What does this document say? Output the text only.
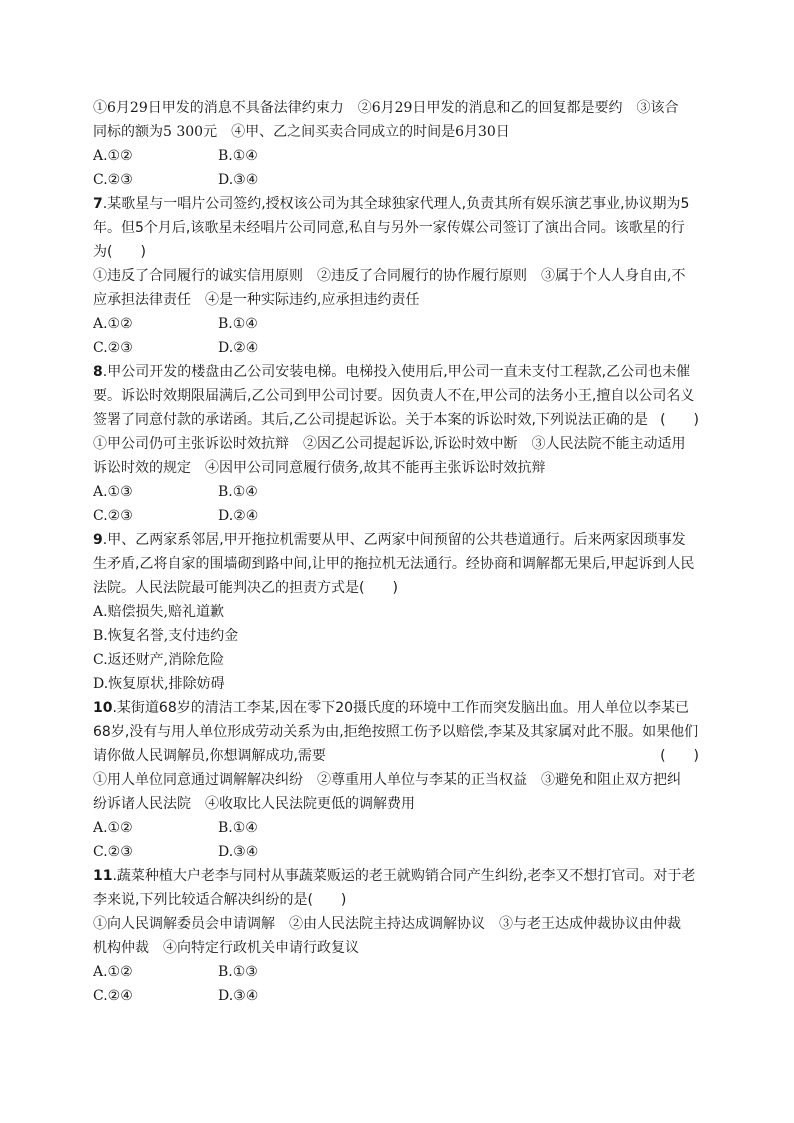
①6月29日甲发的消息不具备法律约束力　②6月29日甲发的消息和乙的回复都是要约　③该合
同标的额为5 300元　④甲、乙之间买卖合同成立的时间是6月30日
A.①②	B.①④
C.②③	D.③④
7.某歌星与一唱片公司签约,授权该公司为其全球独家代理人,负责其所有娱乐演艺事业,协议期为5
年。但5个月后,该歌星未经唱片公司同意,私自与另外一家传媒公司签订了演出合同。该歌星的行
为(　　)
①违反了合同履行的诚实信用原则　②违反了合同履行的协作履行原则　③属于个人人身自由,不
应承担法律责任　④是一种实际违约,应承担违约责任
A.①②	B.①④
C.②③	D.②④
8.甲公司开发的楼盘由乙公司安装电梯。电梯投入使用后,甲公司一直未支付工程款,乙公司也未催
要。诉讼时效期限届满后,乙公司到甲公司讨要。因负责人不在,甲公司的法务小王,擅自以公司名义
签署了同意付款的承诺函。其后,乙公司提起诉讼。关于本案的诉讼时效,下列说法正确的是 (　　)
①甲公司仍可主张诉讼时效抗辩　②因乙公司提起诉讼,诉讼时效中断　③人民法院不能主动适用
诉讼时效的规定　④因甲公司同意履行债务,故其不能再主张诉讼时效抗辩
A.①③	B.①④
C.②③	D.②④
9.甲、乙两家系邻居,甲开拖拉机需要从甲、乙两家中间预留的公共巷道通行。后来两家因琐事发
生矛盾,乙将自家的围墙砌到路中间,让甲的拖拉机无法通行。经协商和调解都无果后,甲起诉到人民
法院。人民法院最可能判决乙的担责方式是(　　)
A.赔偿损失,赔礼道歉
B.恢复名誉,支付违约金
C.返还财产,消除危险
D.恢复原状,排除妨碍
10.某街道68岁的清洁工李某,因在零下20摄氏度的环境中工作而突发脑出血。用人单位以李某已
68岁,没有与用人单位形成劳动关系为由,拒绝按照工伤予以赔偿,李某及其家属对此不服。如果他们
请你做人民调解员,你想调解成功,需要	(　　)
①用人单位同意通过调解解决纠纷　②尊重用人单位与李某的正当权益　③避免和阻止双方把纠
纷诉诸人民法院　④收取比人民法院更低的调解费用
A.①②	B.①④
C.②③	D.③④
11.蔬菜种植大户老李与同村从事蔬菜贩运的老王就购销合同产生纠纷,老李又不想打官司。对于老
李来说,下列比较适合解决纠纷的是(　　)
①向人民调解委员会申请调解　②由人民法院主持达成调解协议　③与老王达成仲裁协议由仲裁
机构仲裁　④向特定行政机关申请行政复议
A.①②	B.①③
C.②④	D.③④
